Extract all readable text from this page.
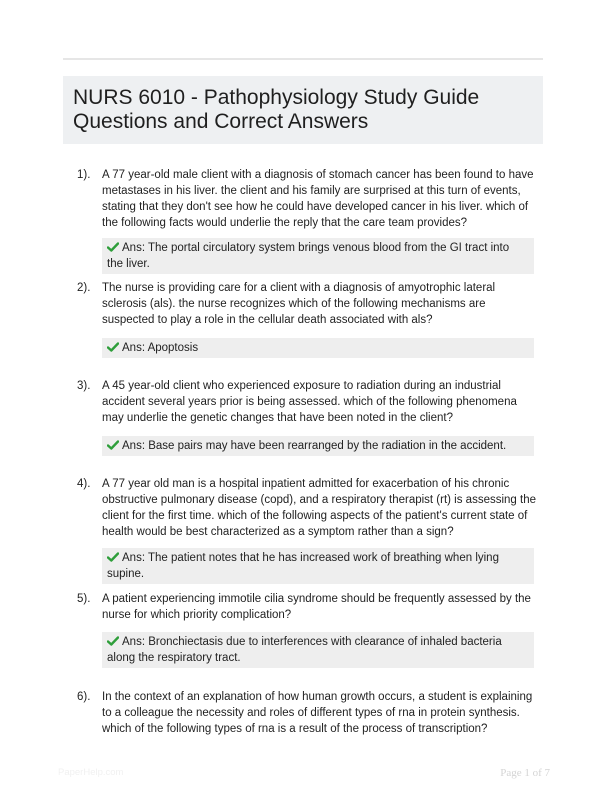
NURS 6010 - Pathophysiology Study Guide Questions and Correct Answers
1). A 77 year-old male client with a diagnosis of stomach cancer has been found to have metastases in his liver. the client and his family are surprised at this turn of events, stating that they don't see how he could have developed cancer in his liver. which of the following facts would underlie the reply that the care team provides?
Ans: The portal circulatory system brings venous blood from the GI tract into the liver.
2). The nurse is providing care for a client with a diagnosis of amyotrophic lateral sclerosis (als). the nurse recognizes which of the following mechanisms are suspected to play a role in the cellular death associated with als?
Ans: Apoptosis
3). A 45 year-old client who experienced exposure to radiation during an industrial accident several years prior is being assessed. which of the following phenomena may underlie the genetic changes that have been noted in the client?
Ans: Base pairs may have been rearranged by the radiation in the accident.
4). A 77 year old man is a hospital inpatient admitted for exacerbation of his chronic obstructive pulmonary disease (copd), and a respiratory therapist (rt) is assessing the client for the first time. which of the following aspects of the patient's current state of health would be best characterized as a symptom rather than a sign?
Ans: The patient notes that he has increased work of breathing when lying supine.
5). A patient experiencing immotile cilia syndrome should be frequently assessed by the nurse for which priority complication?
Ans: Bronchiectasis due to interferences with clearance of inhaled bacteria along the respiratory tract.
6). In the context of an explanation of how human growth occurs, a student is explaining to a colleague the necessity and roles of different types of rna in protein synthesis. which of the following types of rna is a result of the process of transcription?
PaperHelp.com	Page 1 of 7
